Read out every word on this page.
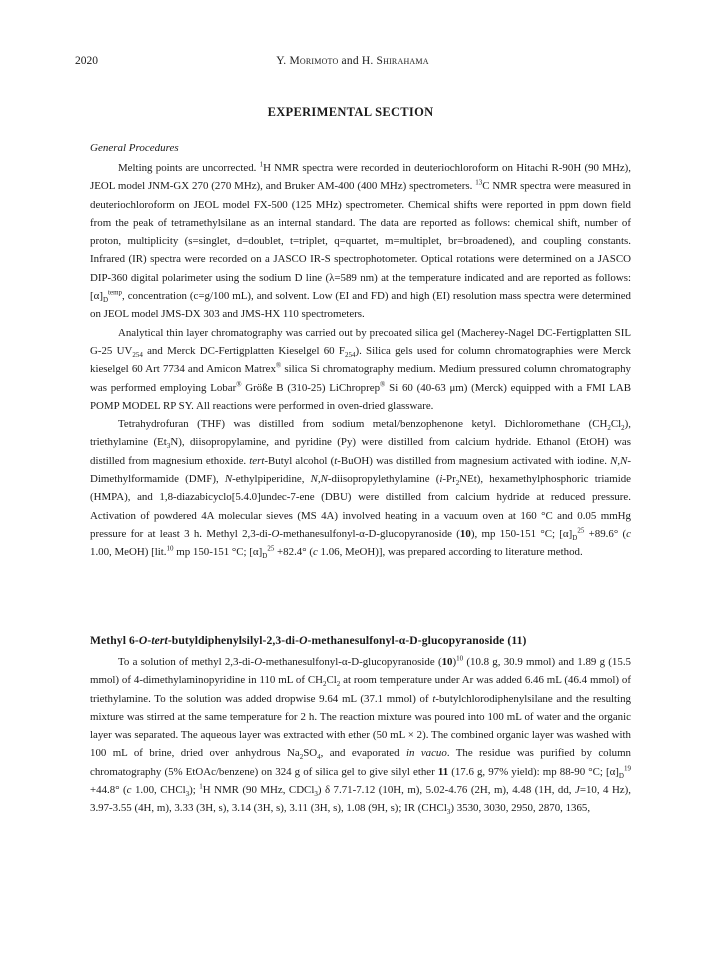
2020	Y. Morimoto and H. Shirahama
EXPERIMENTAL SECTION
General Procedures

Melting points are uncorrected. $^1$H NMR spectra were recorded in deuteriochloroform on Hitachi R-90H (90 MHz), JEOL model JNM-GX 270 (270 MHz), and Bruker AM-400 (400 MHz) spectrometers. $^{13}$C NMR spectra were measured in deuteriochloroform on JEOL model FX-500 (125 MHz) spectrometer. Chemical shifts were reported in ppm down field from the peak of tetramethylsilane as an internal standard. The data are reported as follows: chemical shift, number of proton, multiplicity (s=singlet, d=doublet, t=triplet, q=quartet, m=multiplet, br=broadened), and coupling constants. Infrared (IR) spectra were recorded on a JASCO IR-S spectrophotometer. Optical rotations were determined on a JASCO DIP-360 digital polarimeter using the sodium D line (λ=589 nm) at the temperature indicated and are reported as follows: $[\alpha]_D^{temp}$, concentration (c=g/100 mL), and solvent. Low (EI and FD) and high (EI) resolution mass spectra were determined on JEOL model JMS-DX 303 and JMS-HX 110 spectrometers.

Analytical thin layer chromatography was carried out by precoated silica gel (Macherey-Nagel DC-Fertigplatten SIL G-25 $UV_{254}$ and Merck DC-Fertigplatten Kieselgel 60 $F_{254}$). Silica gels used for column chromatographies were Merck kieselgel 60 Art 7734 and Amicon Matrex® silica Si chromatography medium. Medium pressured column chromatography was performed employing Lobar® Größe B (310-25) LiChroprep® Si 60 (40-63 μm) (Merck) equipped with a FMI LAB POMP MODEL RP SY. All reactions were performed in oven-dried glassware.

Tetrahydrofuran (THF) was distilled from sodium metal/benzophenone ketyl. Dichloromethane $(CH_2Cl_2)$, triethylamine $(Et_3N)$, diisopropylamine, and pyridine (Py) were distilled from calcium hydride. Ethanol (EtOH) was distilled from magnesium ethoxide. tert-Butyl alcohol (t-BuOH) was distilled from magnesium activated with iodine. N,N-Dimethylformamide (DMF), N-ethylpiperidine, N,N-diisopropylethylamine $(i-Pr_2NEt)$, hexamethylphosphoric triamide (HMPA), and 1,8-diazabicyclo[5.4.0]undec-7-ene (DBU) were distilled from calcium hydride at reduced pressure. Activation of powdered 4A molecular sieves (MS 4A) involved heating in a vacuum oven at 160 °C and 0.05 mmHg pressure for at least 3 h. Methyl 2,3-di-O-methanesulfonyl-α-D-glucopyranoside (10), mp 150-151 °C; $[\alpha]_D^{25} +89.6^\circ$ (c 1.00, MeOH) [lit.$^{10}$ mp 150-151 °C; $[\alpha]_D^{25} +82.4^\circ$ (c 1.06, MeOH)], was prepared according to literature method.

Methyl 6-O-tert-butyldiphenylsilyl-2,3-di-O-methanesulfonyl-α-D-glucopyranoside (11)

To a solution of methyl 2,3-di-O-methanesulfonyl-α-D-glucopyranoside $(10)^{10}$ (10.8 g, 30.9 mmol) and 1.89 g (15.5 mmol) of 4-dimethylaminopyridine in 110 mL of $CH_2Cl_2$ at room temperature under Ar was added 6.46 mL (46.4 mmol) of triethylamine. To the solution was added dropwise 9.64 mL (37.1 mmol) of t-butylchlorodiphenylsilane and the resulting mixture was stirred at the same temperature for 2 h. The reaction mixture was poured into 100 mL of water and the organic layer was separated. The aqueous layer was extracted with ether (50 mL × 2). The combined organic layer was washed with 100 mL of brine, dried over anhydrous $Na_2SO_4$, and evaporated in vacuo. The residue was purified by column chromatography (5% EtOAc/benzene) on 324 g of silica gel to give silyl ether 11 (17.6 g, 97% yield): mp 88-90 °C; $[\alpha]_D^{19} +44.8^\circ$ (c 1.00, CHCl$_3$); $^1$H NMR (90 MHz, CDCl$_3$) δ 7.71-7.12 (10H, m), 5.02-4.76 (2H, m), 4.48 (1H, dd, J=10, 4 Hz), 3.97-3.55 (4H, m), 3.33 (3H, s), 3.14 (3H, s), 3.11 (3H, s), 1.08 (9H, s); IR (CHCl$_3$) 3530, 3030, 2950, 2870, 1365,
